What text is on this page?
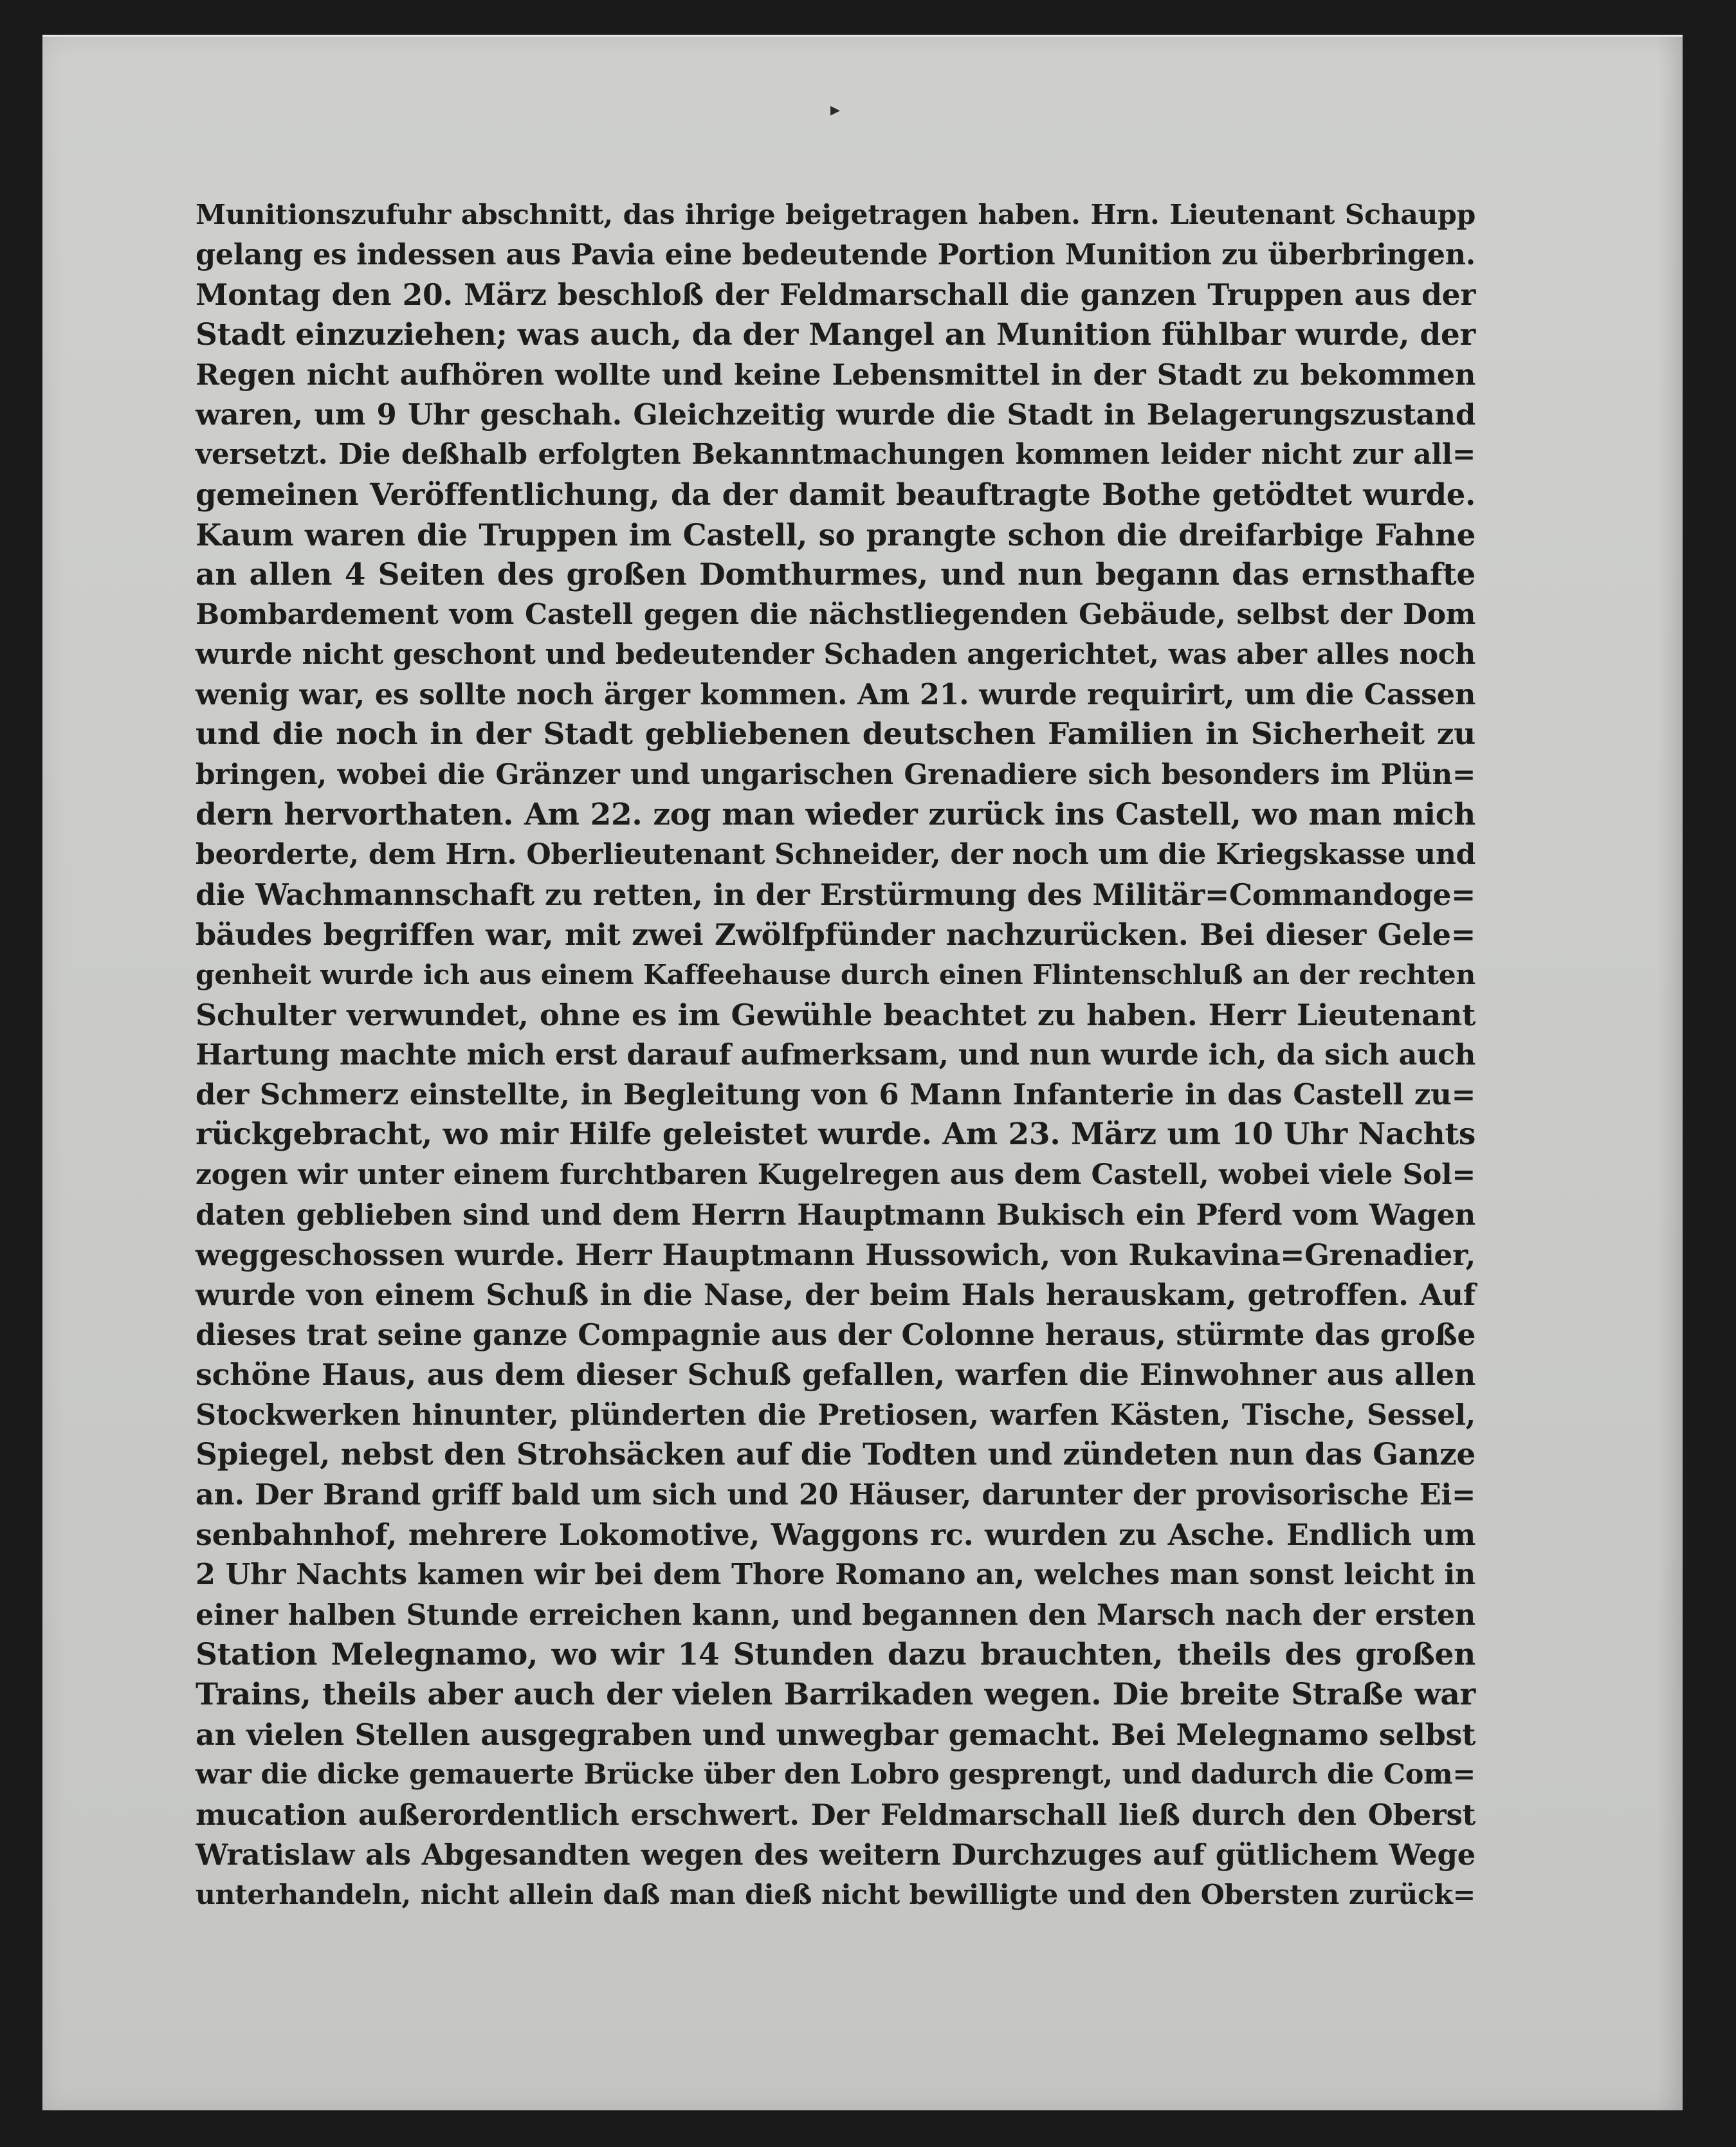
▸
Munitionszufuhr abschnitt, das ihrige beigetragen haben. Hrn. Lieutenant Schaupp
gelang es indessen aus Pavia eine bedeutende Portion Munition zu überbringen.
Montag den 20. März beschloß der Feldmarschall die ganzen Truppen aus der
Stadt einzuziehen; was auch, da der Mangel an Munition fühlbar wurde, der
Regen nicht aufhören wollte und keine Lebensmittel in der Stadt zu bekommen
waren, um 9 Uhr geschah. Gleichzeitig wurde die Stadt in Belagerungszustand
versetzt. Die deßhalb erfolgten Bekanntmachungen kommen leider nicht zur all=
gemeinen Veröffentlichung, da der damit beauftragte Bothe getödtet wurde.
Kaum waren die Truppen im Castell, so prangte schon die dreifarbige Fahne
an allen 4 Seiten des großen Domthurmes, und nun begann das ernsthafte
Bombardement vom Castell gegen die nächstliegenden Gebäude, selbst der Dom
wurde nicht geschont und bedeutender Schaden angerichtet, was aber alles noch
wenig war, es sollte noch ärger kommen. Am 21. wurde requirirt, um die Cassen
und die noch in der Stadt gebliebenen deutschen Familien in Sicherheit zu
bringen, wobei die Gränzer und ungarischen Grenadiere sich besonders im Plün=
dern hervorthaten. Am 22. zog man wieder zurück ins Castell, wo man mich
beorderte, dem Hrn. Oberlieutenant Schneider, der noch um die Kriegskasse und
die Wachmannschaft zu retten, in der Erstürmung des Militär=Commandoge=
bäudes begriffen war, mit zwei Zwölfpfünder nachzurücken. Bei dieser Gele=
genheit wurde ich aus einem Kaffeehause durch einen Flintenschluß an der rechten
Schulter verwundet, ohne es im Gewühle beachtet zu haben. Herr Lieutenant
Hartung machte mich erst darauf aufmerksam, und nun wurde ich, da sich auch
der Schmerz einstellte, in Begleitung von 6 Mann Infanterie in das Castell zu=
rückgebracht, wo mir Hilfe geleistet wurde. Am 23. März um 10 Uhr Nachts
zogen wir unter einem furchtbaren Kugelregen aus dem Castell, wobei viele Sol=
daten geblieben sind und dem Herrn Hauptmann Bukisch ein Pferd vom Wagen
weggeschossen wurde. Herr Hauptmann Hussowich, von Rukavina=Grenadier,
wurde von einem Schuß in die Nase, der beim Hals herauskam, getroffen. Auf
dieses trat seine ganze Compagnie aus der Colonne heraus, stürmte das große
schöne Haus, aus dem dieser Schuß gefallen, warfen die Einwohner aus allen
Stockwerken hinunter, plünderten die Pretiosen, warfen Kästen, Tische, Sessel,
Spiegel, nebst den Strohsäcken auf die Todten und zündeten nun das Ganze
an. Der Brand griff bald um sich und 20 Häuser, darunter der provisorische Ei=
senbahnhof, mehrere Lokomotive, Waggons rc. wurden zu Asche. Endlich um
2 Uhr Nachts kamen wir bei dem Thore Romano an, welches man sonst leicht in
einer halben Stunde erreichen kann, und begannen den Marsch nach der ersten
Station Melegnamo, wo wir 14 Stunden dazu brauchten, theils des großen
Trains, theils aber auch der vielen Barrikaden wegen. Die breite Straße war
an vielen Stellen ausgegraben und unwegbar gemacht. Bei Melegnamo selbst
war die dicke gemauerte Brücke über den Lobro gesprengt, und dadurch die Com=
mucation außerordentlich erschwert. Der Feldmarschall ließ durch den Oberst
Wratislaw als Abgesandten wegen des weitern Durchzuges auf gütlichem Wege
unterhandeln, nicht allein daß man dieß nicht bewilligte und den Obersten zurück=
